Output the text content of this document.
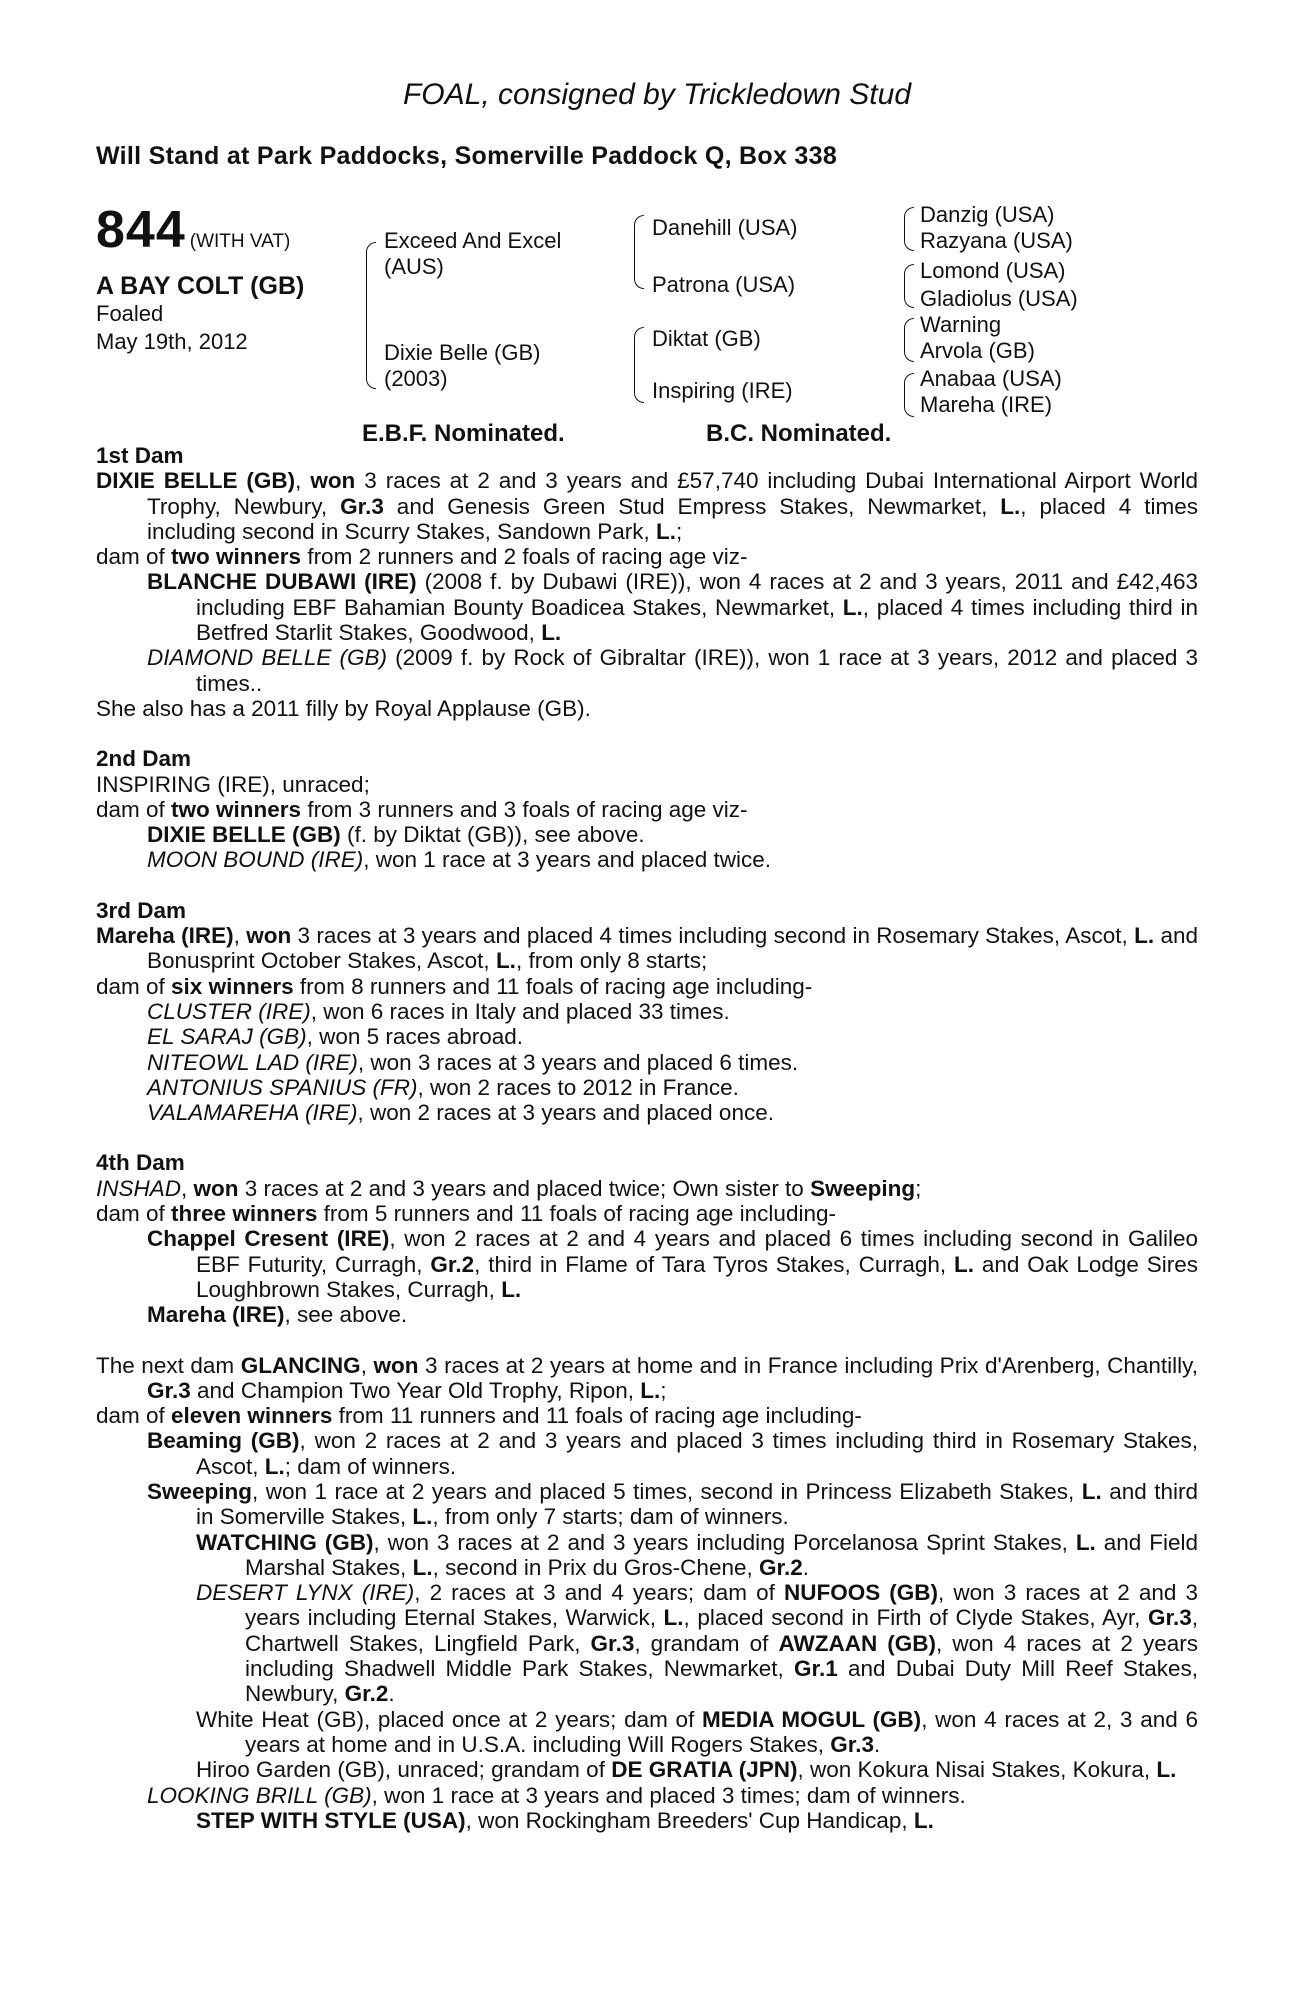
FOAL, consigned by Trickledown Stud
Will Stand at Park Paddocks, Somerville Paddock Q, Box 338
844 (WITH VAT)
A BAY COLT (GB)
Foaled
May 19th, 2012
Exceed And Excel
(AUS)
Dixie Belle (GB)
(2003)
Danehill (USA)
Patrona (USA)
Diktat (GB)
Inspiring (IRE)
Danzig (USA)
Razyana (USA)
Lomond (USA)
Gladiolus (USA)
Warning
Arvola (GB)
Anabaa (USA)
Mareha (IRE)
E.B.F. Nominated.	B.C. Nominated.

1st Dam

DIXIE BELLE (GB), won 3 races at 2 and 3 years and £57,740 including Dubai International Airport World Trophy, Newbury, Gr.3 and Genesis Green Stud Empress Stakes, Newmarket, L., placed 4 times including second in Scurry Stakes, Sandown Park, L.;

dam of two winners from 2 runners and 2 foals of racing age viz-

BLANCHE DUBAWI (IRE) (2008 f. by Dubawi (IRE)), won 4 races at 2 and 3 years, 2011 and £42,463 including EBF Bahamian Bounty Boadicea Stakes, Newmarket, L., placed 4 times including third in Betfred Starlit Stakes, Goodwood, L.

DIAMOND BELLE (GB) (2009 f. by Rock of Gibraltar (IRE)), won 1 race at 3 years, 2012 and placed 3 times..

She also has a 2011 filly by Royal Applause (GB).

2nd Dam

INSPIRING (IRE), unraced;

dam of two winners from 3 runners and 3 foals of racing age viz-

DIXIE BELLE (GB) (f. by Diktat (GB)), see above.

MOON BOUND (IRE), won 1 race at 3 years and placed twice.

3rd Dam

Mareha (IRE), won 3 races at 3 years and placed 4 times including second in Rosemary Stakes, Ascot, L. and Bonusprint October Stakes, Ascot, L., from only 8 starts;

dam of six winners from 8 runners and 11 foals of racing age including-

CLUSTER (IRE), won 6 races in Italy and placed 33 times.

EL SARAJ (GB), won 5 races abroad.

NITEOWL LAD (IRE), won 3 races at 3 years and placed 6 times.

ANTONIUS SPANIUS (FR), won 2 races to 2012 in France.

VALAMAREHA (IRE), won 2 races at 3 years and placed once.

4th Dam

INSHAD, won 3 races at 2 and 3 years and placed twice; Own sister to Sweeping;

dam of three winners from 5 runners and 11 foals of racing age including-

Chappel Cresent (IRE), won 2 races at 2 and 4 years and placed 6 times including second in Galileo EBF Futurity, Curragh, Gr.2, third in Flame of Tara Tyros Stakes, Curragh, L. and Oak Lodge Sires Loughbrown Stakes, Curragh, L.

Mareha (IRE), see above.

The next dam GLANCING, won 3 races at 2 years at home and in France including Prix d'Arenberg, Chantilly, Gr.3 and Champion Two Year Old Trophy, Ripon, L.;

dam of eleven winners from 11 runners and 11 foals of racing age including-

Beaming (GB), won 2 races at 2 and 3 years and placed 3 times including third in Rosemary Stakes, Ascot, L.; dam of winners.

Sweeping, won 1 race at 2 years and placed 5 times, second in Princess Elizabeth Stakes, L. and third in Somerville Stakes, L., from only 7 starts; dam of winners.

WATCHING (GB), won 3 races at 2 and 3 years including Porcelanosa Sprint Stakes, L. and Field Marshal Stakes, L., second in Prix du Gros-Chene, Gr.2.

DESERT LYNX (IRE), 2 races at 3 and 4 years; dam of NUFOOS (GB), won 3 races at 2 and 3 years including Eternal Stakes, Warwick, L., placed second in Firth of Clyde Stakes, Ayr, Gr.3, Chartwell Stakes, Lingfield Park, Gr.3, grandam of AWZAAN (GB), won 4 races at 2 years including Shadwell Middle Park Stakes, Newmarket, Gr.1 and Dubai Duty Mill Reef Stakes, Newbury, Gr.2.

White Heat (GB), placed once at 2 years; dam of MEDIA MOGUL (GB), won 4 races at 2, 3 and 6 years at home and in U.S.A. including Will Rogers Stakes, Gr.3.

Hiroo Garden (GB), unraced; grandam of DE GRATIA (JPN), won Kokura Nisai Stakes, Kokura, L.

LOOKING BRILL (GB), won 1 race at 3 years and placed 3 times; dam of winners.

STEP WITH STYLE (USA), won Rockingham Breeders' Cup Handicap, L.
